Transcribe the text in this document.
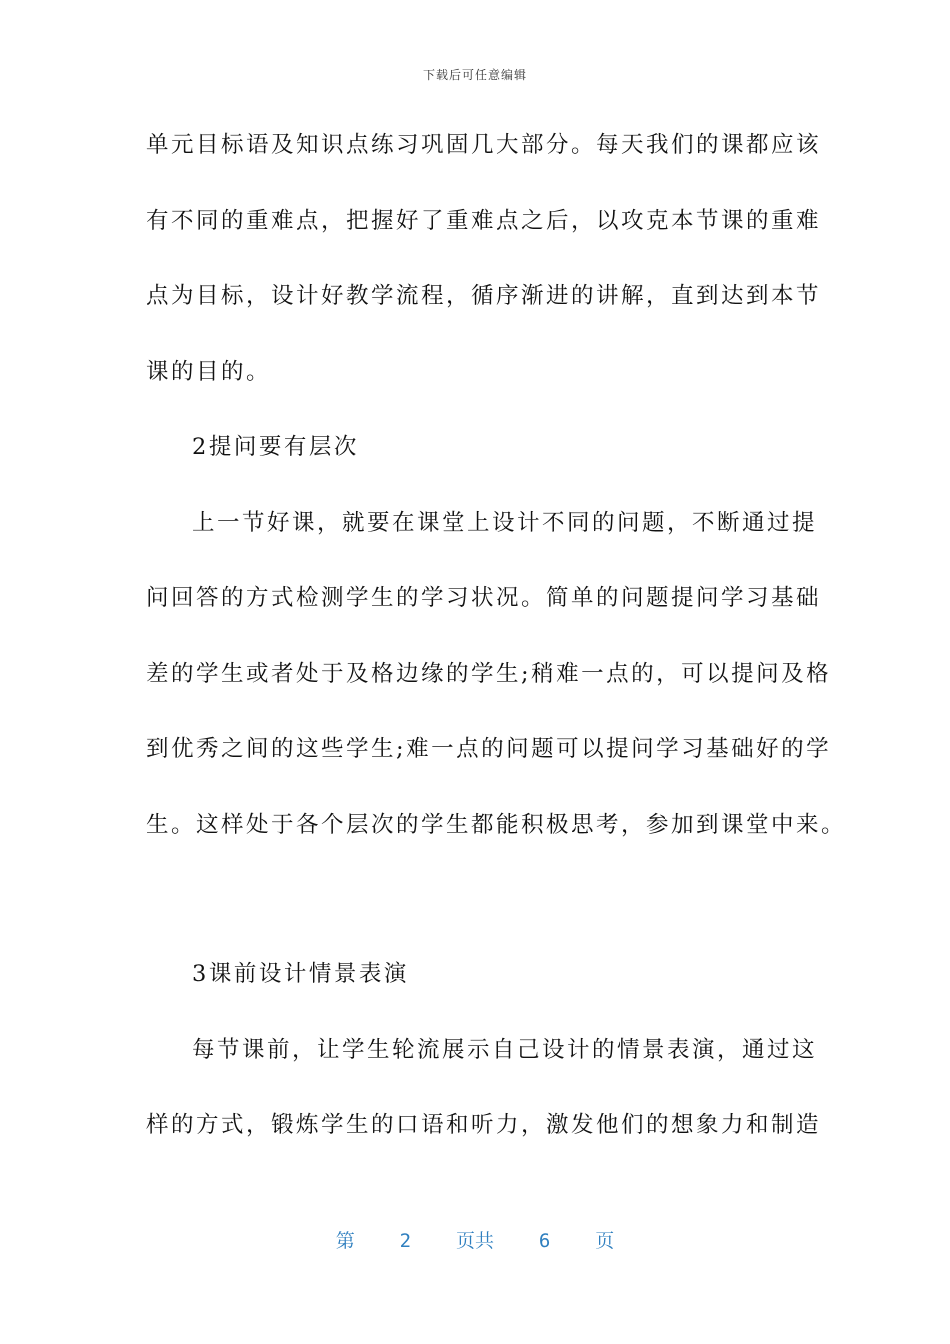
下载后可任意编辑
单元目标语及知识点练习巩固几大部分。每天我们的课都应该
有不同的重难点，把握好了重难点之后，以攻克本节课的重难
点为目标，设计好教学流程，循序渐进的讲解，直到达到本节
课的目的。
2提问要有层次
上一节好课，就要在课堂上设计不同的问题，不断通过提
问回答的方式检测学生的学习状况。简单的问题提问学习基础
差的学生或者处于及格边缘的学生;稍难一点的，可以提问及格
到优秀之间的这些学生;难一点的问题可以提问学习基础好的学
生。这样处于各个层次的学生都能积极思考，参加到课堂中来。
3课前设计情景表演
每节课前，让学生轮流展示自己设计的情景表演，通过这
样的方式，锻炼学生的口语和听力，激发他们的想象力和制造
第 2 页共 6 页
